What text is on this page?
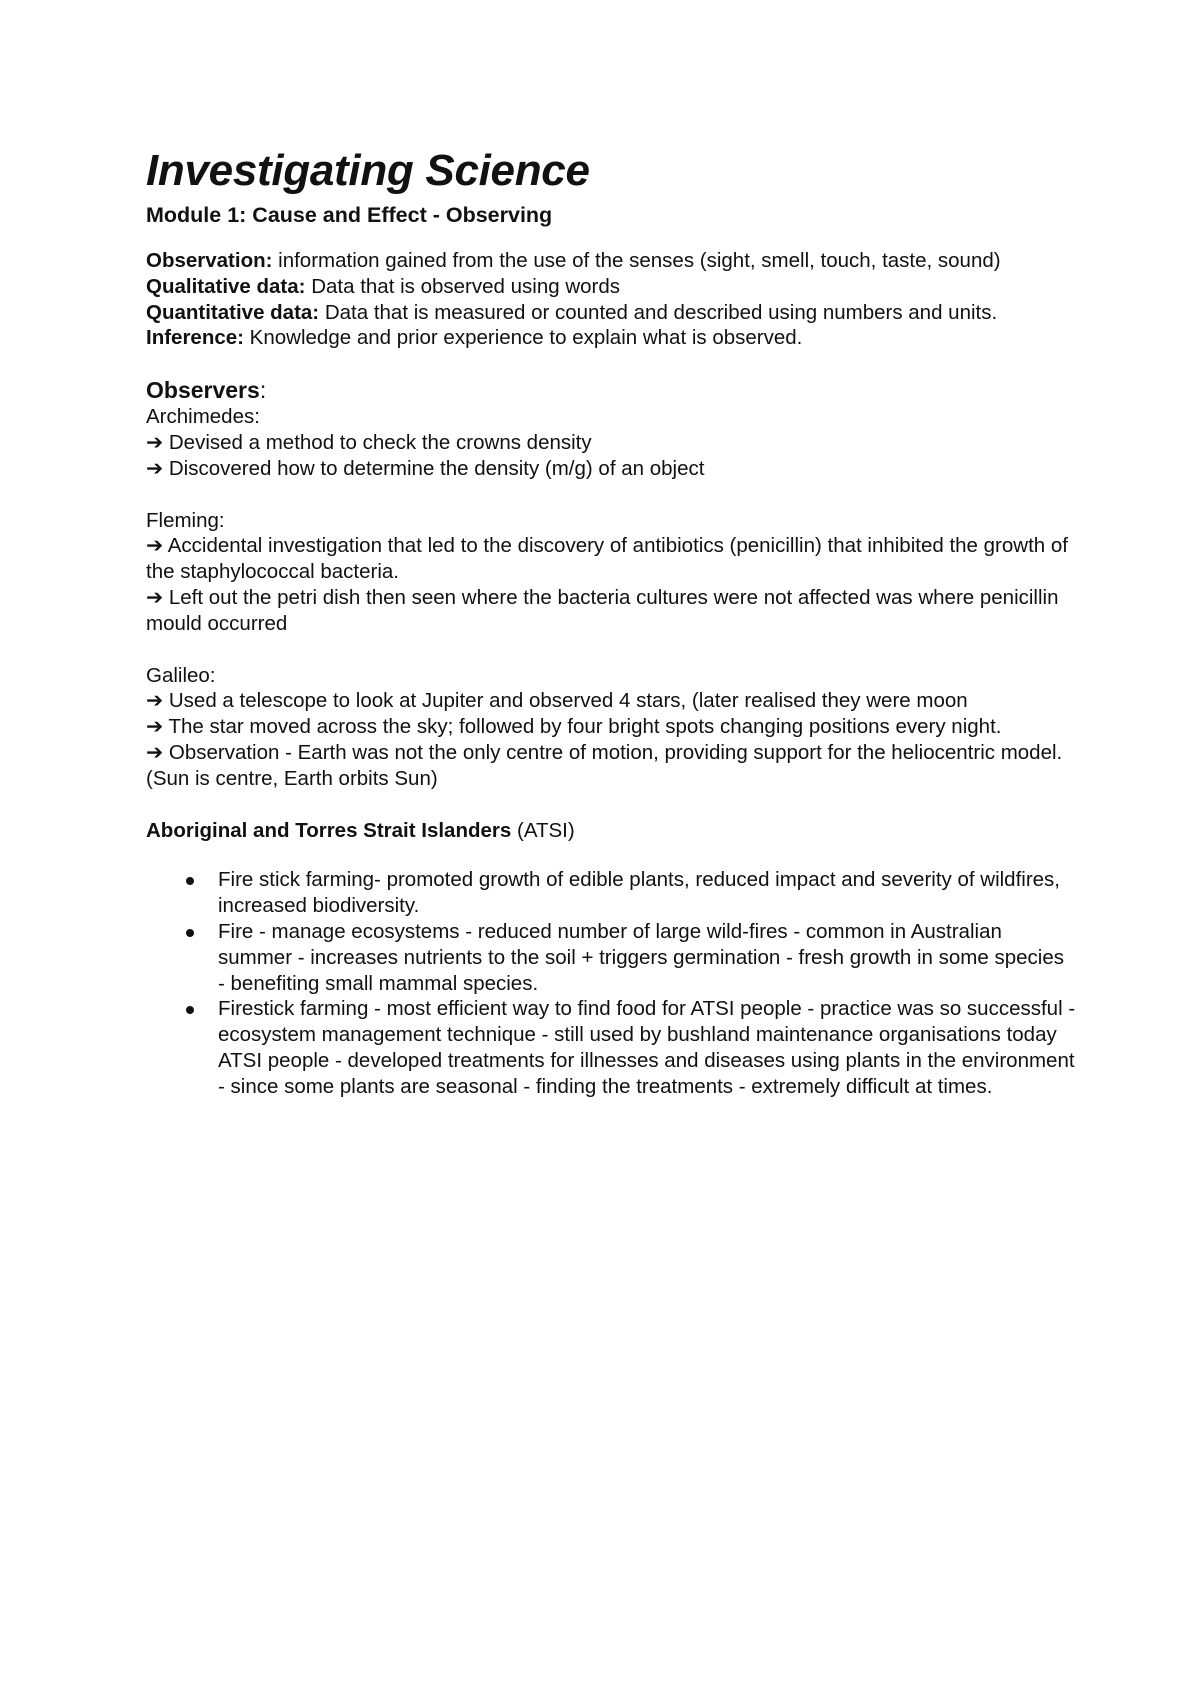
Investigating Science
Module 1: Cause and Effect - Observing

Observation: information gained from the use of the senses (sight, smell, touch, taste, sound)

Qualitative data: Data that is observed using words

Quantitative data: Data that is measured or counted and described using numbers and units. Inference: Knowledge and prior experience to explain what is observed.

Observers:

Archimedes:

➔ Devised a method to check the crowns density

➔ Discovered how to determine the density (m/g) of an object

Fleming:

➔ Accidental investigation that led to the discovery of antibiotics (penicillin) that inhibited the growth of the staphylococcal bacteria.

➔ Left out the petri dish then seen where the bacteria cultures were not affected was where penicillin mould occurred

Galileo:

➔ Used a telescope to look at Jupiter and observed 4 stars, (later realised they were moon

➔ The star moved across the sky; followed by four bright spots changing positions every night.

➔ Observation - Earth was not the only centre of motion, providing support for the heliocentric model. (Sun is centre, Earth orbits Sun)

Aboriginal and Torres Strait Islanders (ATSI)

Fire stick farming- promoted growth of edible plants, reduced impact and severity of wildfires, increased biodiversity.
Fire - manage ecosystems - reduced number of large wild-fires - common in Australian summer - increases nutrients to the soil + triggers germination - fresh growth in some species - benefiting small mammal species.
Firestick farming - most efficient way to find food for ATSI people - practice was so successful - ecosystem management technique - still used by bushland maintenance organisations today ATSI people - developed treatments for illnesses and diseases using plants in the environment - since some plants are seasonal - finding the treatments - extremely difficult at times.
